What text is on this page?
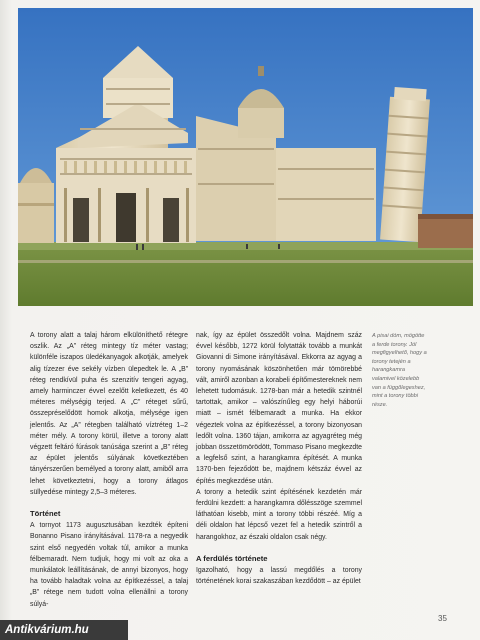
A torony alatt a talaj három elkülöníthető rétegre oszlik. Az „A” réteg mintegy tíz méter vastag; különféle iszapos üledékanyagok alkotják, amelyek alig tízezer éve sekély vízben ülepedtek le. A „B” réteg rendkívül puha és szenzitív tengeri agyag, amely harminczer évvel ezelőtt keletkezett, és 40 méteres mélységig terjed. A „C” réteget sűrű, összepréselődött homok alkotja, mélysége igen jelentős. Az „A” rétegben található víztréteg 1–2 méter mély. A torony körül, illetve a torony alatt végzett feltáró fúrások tanúsága szerint a „B” réteg az épület jelentős súlyának következtében tányérszerűen bemélyed a torony alatt, amiből arra lehet következtetni, hogy a torony átlagos süllyedése mintegy 2,5–3 méteres.

Történet

A tornyot 1173 augusztusában kezdték építeni Bonanno Pisano irányításával. 1178-ra a negyedik szint első negyedén voltak túl, amikor a munka félbemaradt. Nem tudjuk, hogy mi volt az oka a munkálatok leállításának, de annyi bizonyos, hogy ha tovább haladtak volna az építkezéssel, a talaj „B” rétege nem tudott volna ellenállni a torony súlyá-

nak, így az épület összedőlt volna. Majdnem száz évvel később, 1272 körül folytatták tovább a munkát Giovanni di Simone irányításával. Ekkorra az agyag a torony nyomásának köszönhetően már tömörebbé vált, amiről azonban a korabeli építőmestereknek nem lehetett tudomásuk. 1278-ban már a hetedik szintnél tartottak, amikor – valószínűleg egy helyi háborúi miatt – ismét félbemaradt a munka. Ha ekkor végeztek volna az építkezéssel, a torony bizonyosan ledőlt volna. 1360 tájan, amikorra az agyagréteg még jobban összetömörödött, Tommaso Pisano megkezdte a legfelső szint, a harangkamra építését. A munka 1370-ben fejeződött be, majdnem kétszáz évvel az építés megkezdése után.

A torony a hetedik szint építésének kezdetén már ferdülni kezdett: a harangkamra dőlésszöge szemmel láthatóan kisebb, mint a torony többi részéé. Míg a déli oldalon hat lépcső vezet fel a hetedik szintről a harangokhoz, az északi oldalon csak négy.

A ferdülés története

Igazolható, hogy a lassú megdőlés a torony történetének korai szakaszában kezdődött – az épület

A pisai dóm, mögötte a ferde torony. Jól megfigyelhető, hogy a torony tetején a harangkamra valamivel közelebb van a függőlegeshez, mint a torony többi része.
35
Antikvárium.hu
